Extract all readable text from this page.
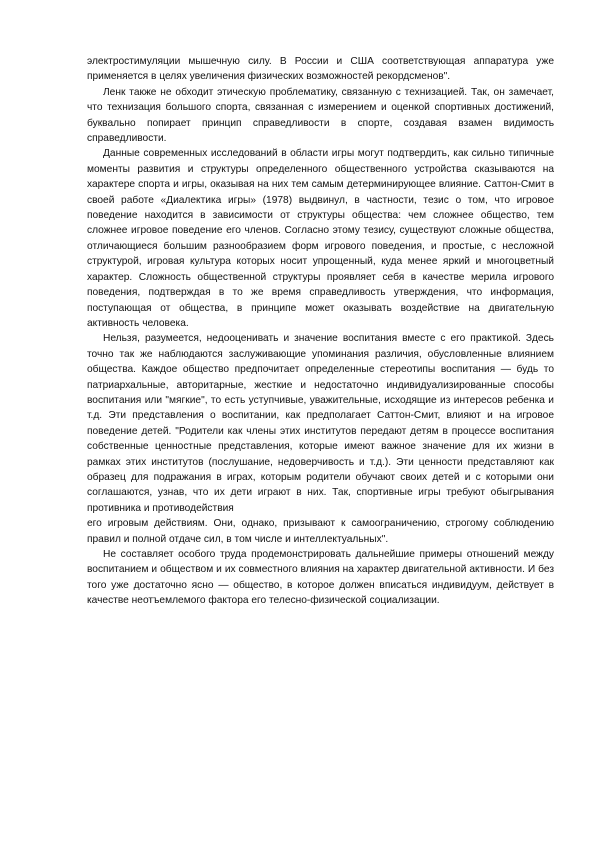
электростимуляции мышечную силу. В России и США соответствующая аппаратура уже применяется в целях увеличения физических возможностей рекордсменов".

Ленк также не обходит этическую проблематику, связанную с технизацией. Так, он замечает, что технизация большого спорта, связанная с измерением и оценкой спортивных достижений, буквально попирает принцип справедливости в спорте, создавая взамен видимость справедливости.

Данные современных исследований в области игры могут подтвердить, как сильно типичные моменты развития и структуры определенного общественного устройства сказываются на характере спорта и игры, оказывая на них тем самым детерминирующее влияние. Саттон-Смит в своей работе «Диалектика игры» (1978) выдвинул, в частности, тезис о том, что игровое поведение находится в зависимости от структуры общества: чем сложнее общество, тем сложнее игровое поведение его членов. Согласно этому тезису, существуют сложные общества, отличающиеся большим разнообразием форм игрового поведения, и простые, с несложной структурой, игровая культура которых носит упрощенный, куда менее яркий и многоцветный характер. Сложность общественной структуры проявляет себя в качестве мерила игрового поведения, подтверждая в то же время справедливость утверждения, что информация, поступающая от общества, в принципе может оказывать воздействие на двигательную активность человека.

Нельзя, разумеется, недооценивать и значение воспитания вместе с его практикой. Здесь точно так же наблюдаются заслуживающие упоминания различия, обусловленные влиянием общества. Каждое общество предпочитает определенные стереотипы воспитания — будь то патриархальные, авторитарные, жесткие и недостаточно индивидуализированные способы воспитания или "мягкие", то есть уступчивые, уважительные, исходящие из интересов ребенка и т.д. Эти представления о воспитании, как предполагает Саттон-Смит, влияют и на игровое поведение детей. "Родители как члены этих институтов передают детям в процессе воспитания собственные ценностные представления, которые имеют важное значение для их жизни в рамках этих институтов (послушание, недоверчивость и т.д.). Эти ценности представляют как образец для подражания в играх, которым родители обучают своих детей и с которыми они соглашаются, узнав, что их дети играют в них. Так, спортивные игры требуют обыгрывания противника и противодействия

его игровым действиям. Они, однако, призывают к самоограничению, строгому соблюдению правил и полной отдаче сил, в том числе и интеллектуальных".

Не составляет особого труда продемонстрировать дальнейшие примеры отношений между воспитанием и обществом и их совместного влияния на характер двигательной активности. И без того уже достаточно ясно — общество, в которое должен вписаться индивидуум, действует в качестве неотъемлемого фактора его телесно-физической социализации.
